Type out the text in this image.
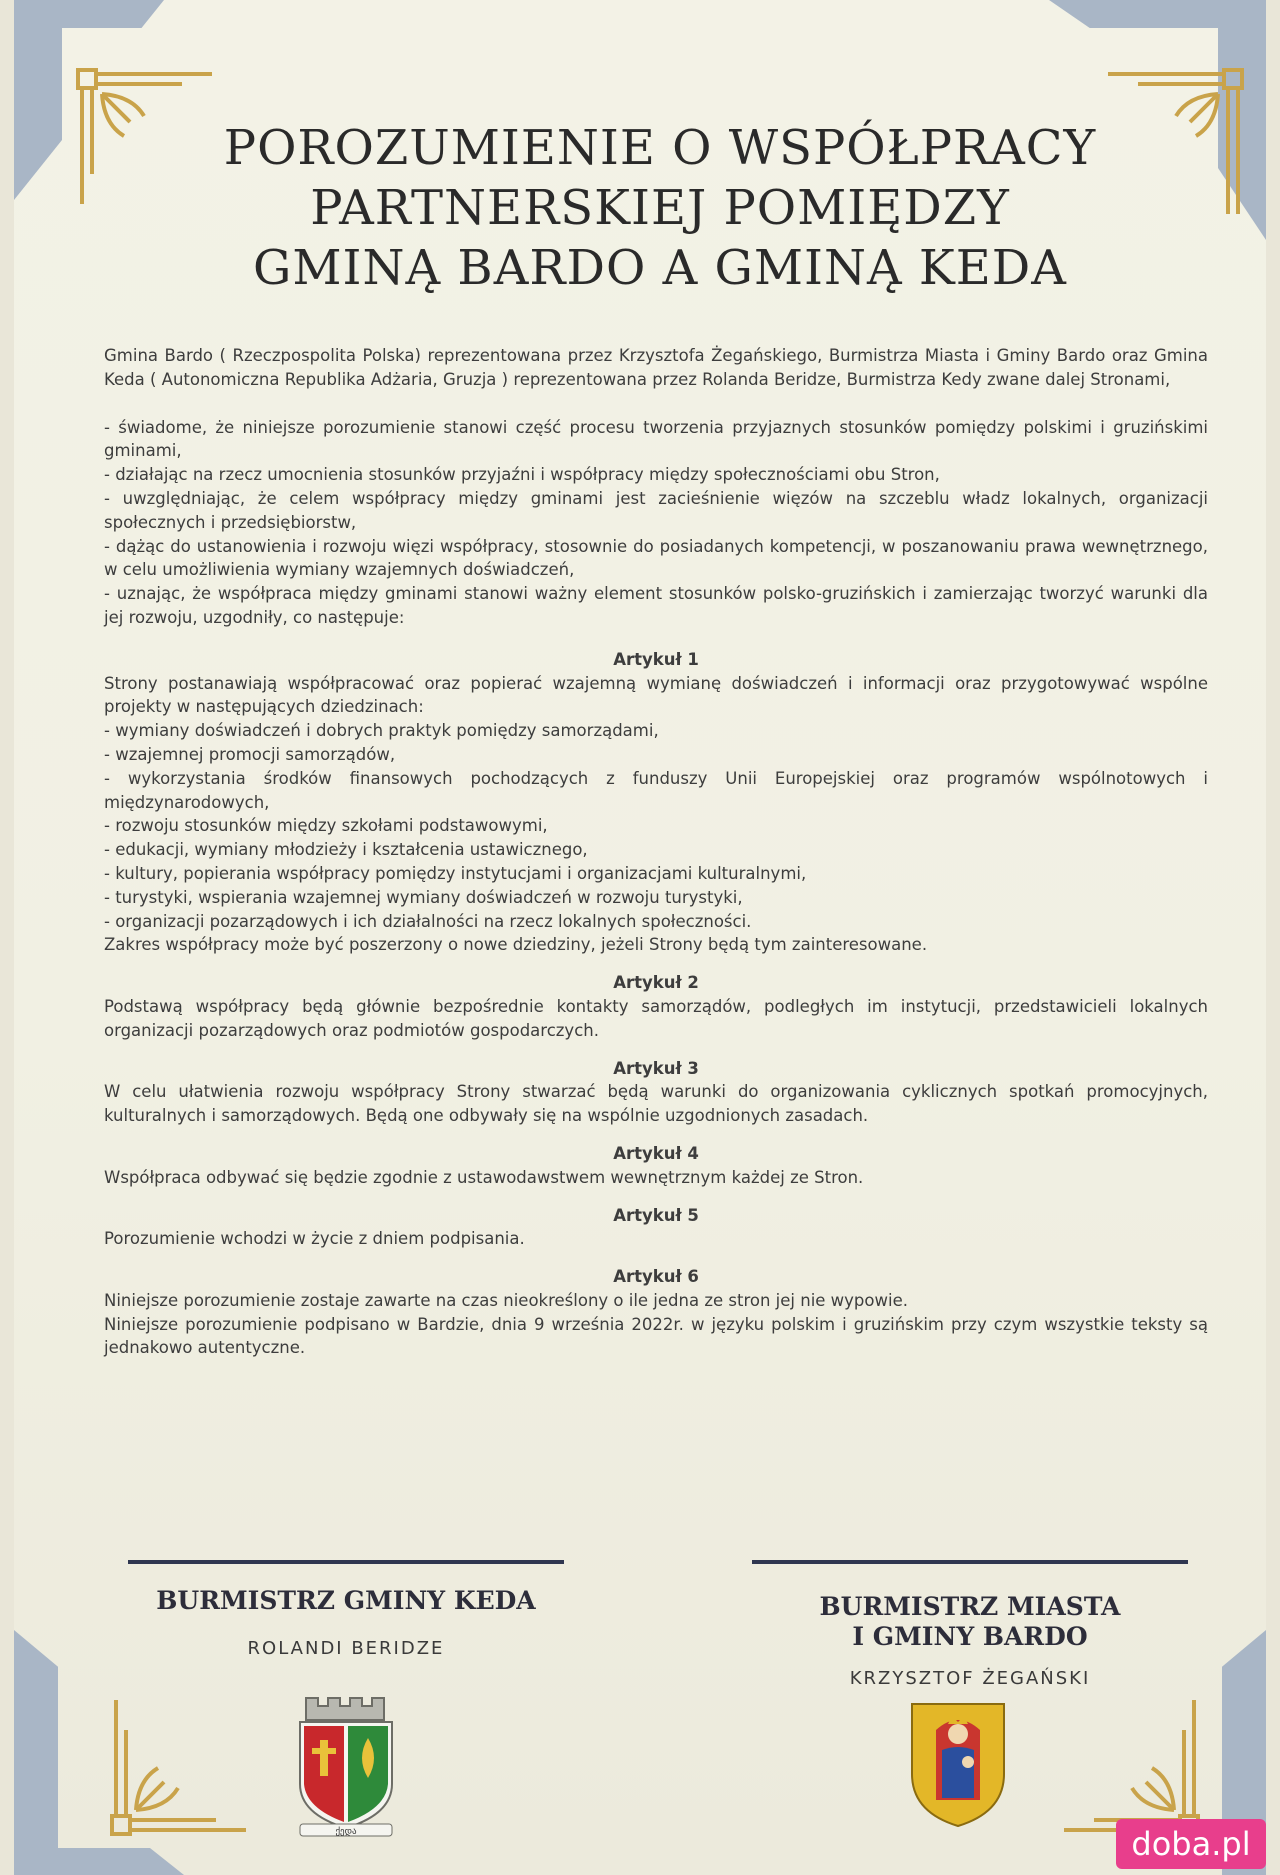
POROZUMIENIE O WSPÓŁPRACY
PARTNERSKIEJ POMIĘDZY
GMINĄ BARDO A GMINĄ KEDA

Gmina Bardo ( Rzeczpospolita Polska) reprezentowana przez Krzysztofa Żegańskiego, Burmistrza Miasta i Gminy Bardo oraz Gmina Keda ( Autonomiczna Republika Adżaria, Gruzja ) reprezentowana przez Rolanda Beridze, Burmistrza Kedy zwane dalej Stronami,

- świadome, że niniejsze porozumienie stanowi część procesu tworzenia przyjaznych stosunków pomiędzy polskimi i gruzińskimi gminami,

- działając na rzecz umocnienia stosunków przyjaźni i współpracy między społecznościami obu Stron,

- uwzględniając, że celem współpracy między gminami jest zacieśnienie więzów na szczeblu władz lokalnych, organizacji społecznych i przedsiębiorstw,

- dążąc do ustanowienia i rozwoju więzi współpracy, stosownie do posiadanych kompetencji, w poszanowaniu prawa wewnętrznego, w celu umożliwienia wymiany wzajemnych doświadczeń,

- uznając, że współpraca między gminami stanowi ważny element stosunków polsko-gruzińskich i zamierzając tworzyć warunki dla jej rozwoju, uzgodniły, co następuje:

Artykuł 1

Strony postanawiają współpracować oraz popierać wzajemną wymianę doświadczeń i informacji oraz przygotowywać wspólne projekty w następujących dziedzinach:

- wymiany doświadczeń i dobrych praktyk pomiędzy samorządami,

- wzajemnej promocji samorządów,

- wykorzystania środków finansowych pochodzących z funduszy Unii Europejskiej oraz programów wspólnotowych i międzynarodowych,

- rozwoju stosunków między szkołami podstawowymi,

- edukacji, wymiany młodzieży i kształcenia ustawicznego,

- kultury, popierania współpracy pomiędzy instytucjami i organizacjami kulturalnymi,

- turystyki, wspierania wzajemnej wymiany doświadczeń w rozwoju turystyki,

- organizacji pozarządowych i ich działalności na rzecz lokalnych społeczności.

Zakres współpracy może być poszerzony o nowe dziedziny, jeżeli Strony będą tym zainteresowane.

Artykuł 2

Podstawą współpracy będą głównie bezpośrednie kontakty samorządów, podległych im instytucji, przedstawicieli lokalnych organizacji pozarządowych oraz podmiotów gospodarczych.

Artykuł 3

W celu ułatwienia rozwoju współpracy Strony stwarzać będą warunki do organizowania cyklicznych spotkań promocyjnych, kulturalnych i samorządowych. Będą one odbywały się na wspólnie uzgodnionych zasadach.

Artykuł 4

Współpraca odbywać się będzie zgodnie z ustawodawstwem wewnętrznym każdej ze Stron.

Artykuł 5

Porozumienie wchodzi w życie z dniem podpisania.

Artykuł 6

Niniejsze porozumienie zostaje zawarte na czas nieokreślony o ile jedna ze stron jej nie wypowie.

Niniejsze porozumienie podpisano w Bardzie, dnia 9 września 2022r. w języku polskim i gruzińskim przy czym wszystkie teksty są jednakowo autentyczne.

BURMISTRZ GMINY KEDA
ROLANDI BERIDZE
BURMISTRZ MIASTA
I GMINY BARDO
KRZYSZTOF ŻEGAŃSKI
ქედა	doba.pl
